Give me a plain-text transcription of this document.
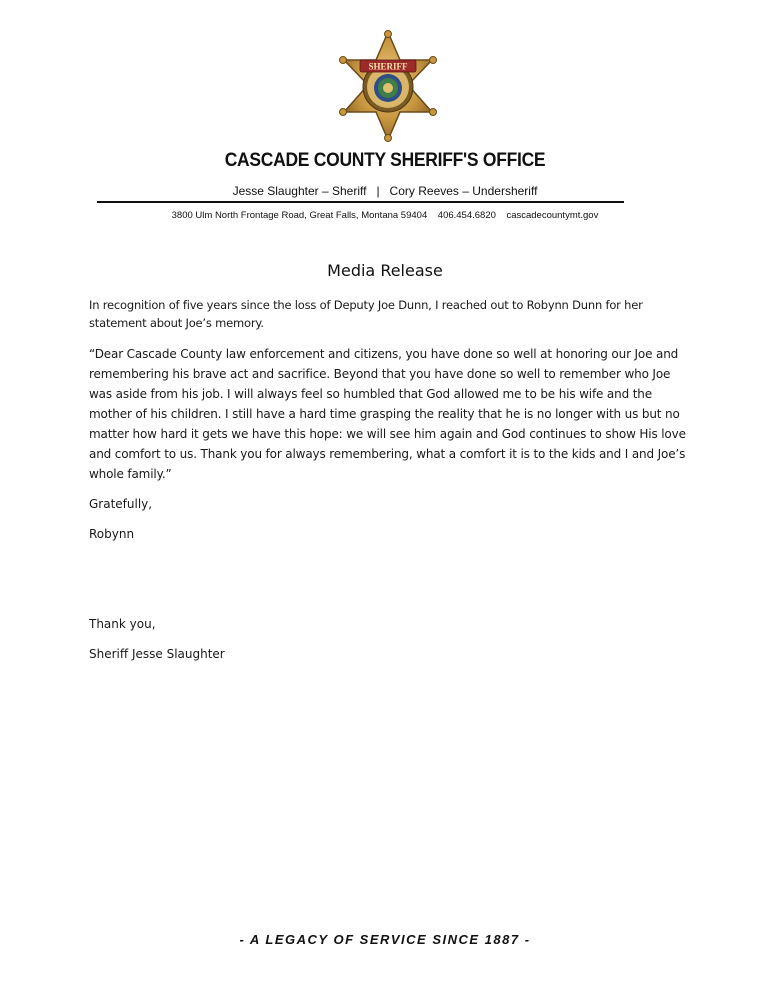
SHERIFF
CASCADE COUNTY SHERIFF'S OFFICE
Jesse Slaughter – Sheriff   |   Cory Reeves – Undersheriff
3800 Ulm North Frontage Road, Great Falls, Montana 59404    406.454.6820    cascadecountymt.gov
Media Release

In recognition of five years since the loss of Deputy Joe Dunn, I reached out to Robynn Dunn for her statement about Joe’s memory.

“Dear Cascade County law enforcement and citizens, you have done so well at honoring our Joe and remembering his brave act and sacrifice. Beyond that you have done so well to remember who Joe was aside from his job. I will always feel so humbled that God allowed me to be his wife and the mother of his children. I still have a hard time grasping the reality that he is no longer with us but no matter how hard it gets we have this hope: we will see him again and God continues to show His love and comfort to us. Thank you for always remembering, what a comfort it is to the kids and I and Joe’s whole family.”

Gratefully,

Robynn

Thank you,

Sheriff Jesse Slaughter

- A LEGACY OF SERVICE SINCE 1887 -
